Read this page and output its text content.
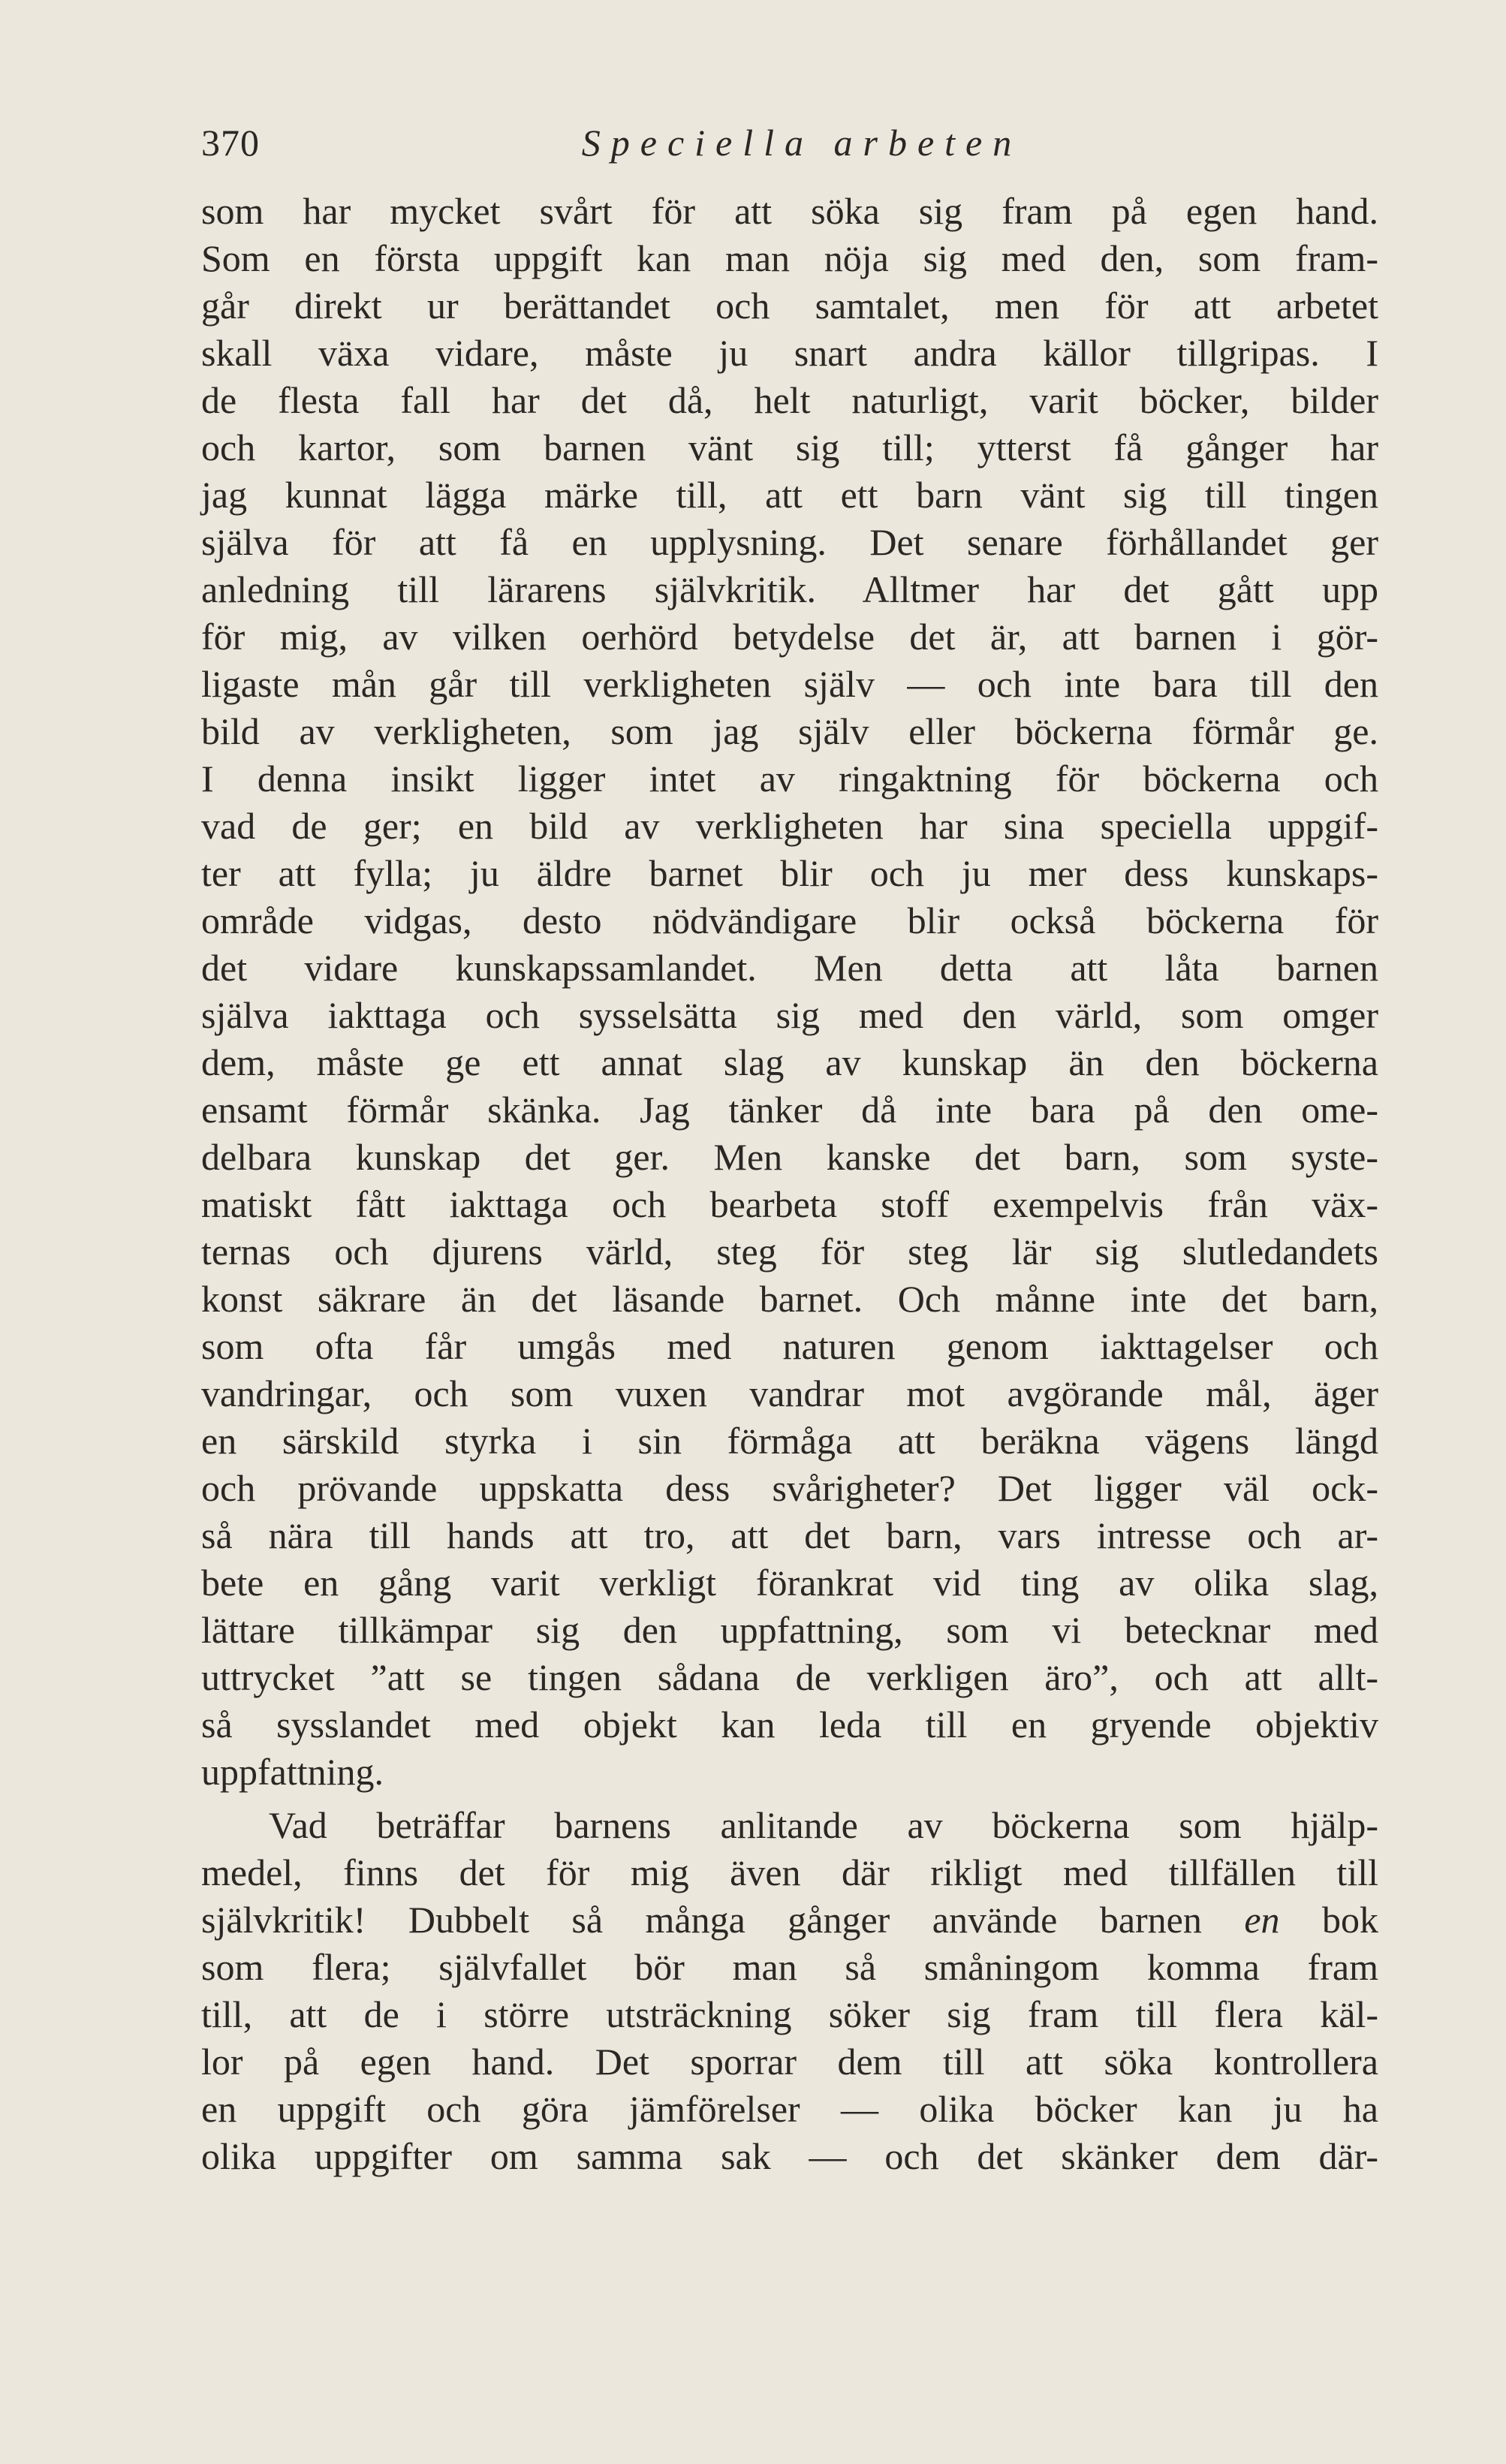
370	Speciella arbeten
som har mycket svårt för att söka sig fram på egen hand.
Som en första uppgift kan man nöja sig med den, som fram-
går direkt ur berättandet och samtalet, men för att arbetet
skall växa vidare, måste ju snart andra källor tillgripas. I
de flesta fall har det då, helt naturligt, varit böcker, bilder
och kartor, som barnen vänt sig till; ytterst få gånger har
jag kunnat lägga märke till, att ett barn vänt sig till tingen
själva för att få en upplysning. Det senare förhållandet ger
anledning till lärarens självkritik. Alltmer har det gått upp
för mig, av vilken oerhörd betydelse det är, att barnen i gör-
ligaste mån går till verkligheten själv — och inte bara till den
bild av verkligheten, som jag själv eller böckerna förmår ge.
I denna insikt ligger intet av ringaktning för böckerna och
vad de ger; en bild av verkligheten har sina speciella uppgif-
ter att fylla; ju äldre barnet blir och ju mer dess kunskaps-
område vidgas, desto nödvändigare blir också böckerna för
det vidare kunskapssamlandet. Men detta att låta barnen
själva iakttaga och sysselsätta sig med den värld, som omger
dem, måste ge ett annat slag av kunskap än den böckerna
ensamt förmår skänka. Jag tänker då inte bara på den ome-
delbara kunskap det ger. Men kanske det barn, som syste-
matiskt fått iakttaga och bearbeta stoff exempelvis från väx-
ternas och djurens värld, steg för steg lär sig slutledandets
konst säkrare än det läsande barnet. Och månne inte det barn,
som ofta får umgås med naturen genom iakttagelser och
vandringar, och som vuxen vandrar mot avgörande mål, äger
en särskild styrka i sin förmåga att beräkna vägens längd
och prövande uppskatta dess svårigheter? Det ligger väl ock-
så nära till hands att tro, att det barn, vars intresse och ar-
bete en gång varit verkligt förankrat vid ting av olika slag,
lättare tillkämpar sig den uppfattning, som vi betecknar med
uttrycket ”att se tingen sådana de verkligen äro”, och att allt-
så sysslandet med objekt kan leda till en gryende objektiv
uppfattning.
Vad beträffar barnens anlitande av böckerna som hjälp-
medel, finns det för mig även där rikligt med tillfällen till
självkritik! Dubbelt så många gånger använde barnen en bok
som flera; självfallet bör man så småningom komma fram
till, att de i större utsträckning söker sig fram till flera käl-
lor på egen hand. Det sporrar dem till att söka kontrollera
en uppgift och göra jämförelser — olika böcker kan ju ha
olika uppgifter om samma sak — och det skänker dem där-
